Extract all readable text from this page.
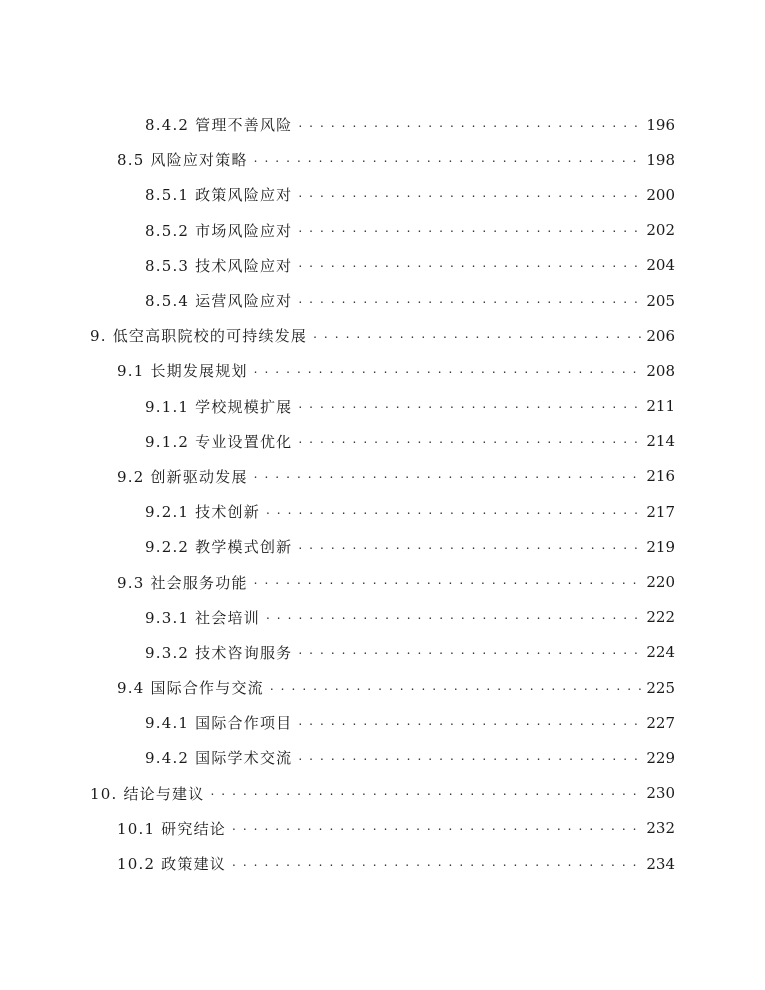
8.4.2 管理不善风险 . . .	196
8.5 风险应对策略 . . .	198
8.5.1 政策风险应对 . . .	200
8.5.2 市场风险应对 . . .	202
8.5.3 技术风险应对 . . .	204
8.5.4 运营风险应对 . . .	205
9. 低空高职院校的可持续发展 . . .	206
9.1 长期发展规划 . . .	208
9.1.1 学校规模扩展 . . .	211
9.1.2 专业设置优化 . . .	214
9.2 创新驱动发展 . . .	216
9.2.1 技术创新 . . .	217
9.2.2 教学模式创新 . . .	219
9.3 社会服务功能 . . .	220
9.3.1 社会培训 . . .	222
9.3.2 技术咨询服务 . . .	224
9.4 国际合作与交流 . . .	225
9.4.1 国际合作项目 . . .	227
9.4.2 国际学术交流 . . .	229
10. 结论与建议 . . .	230
10.1 研究结论 . . .	232
10.2 政策建议 . . .	234
